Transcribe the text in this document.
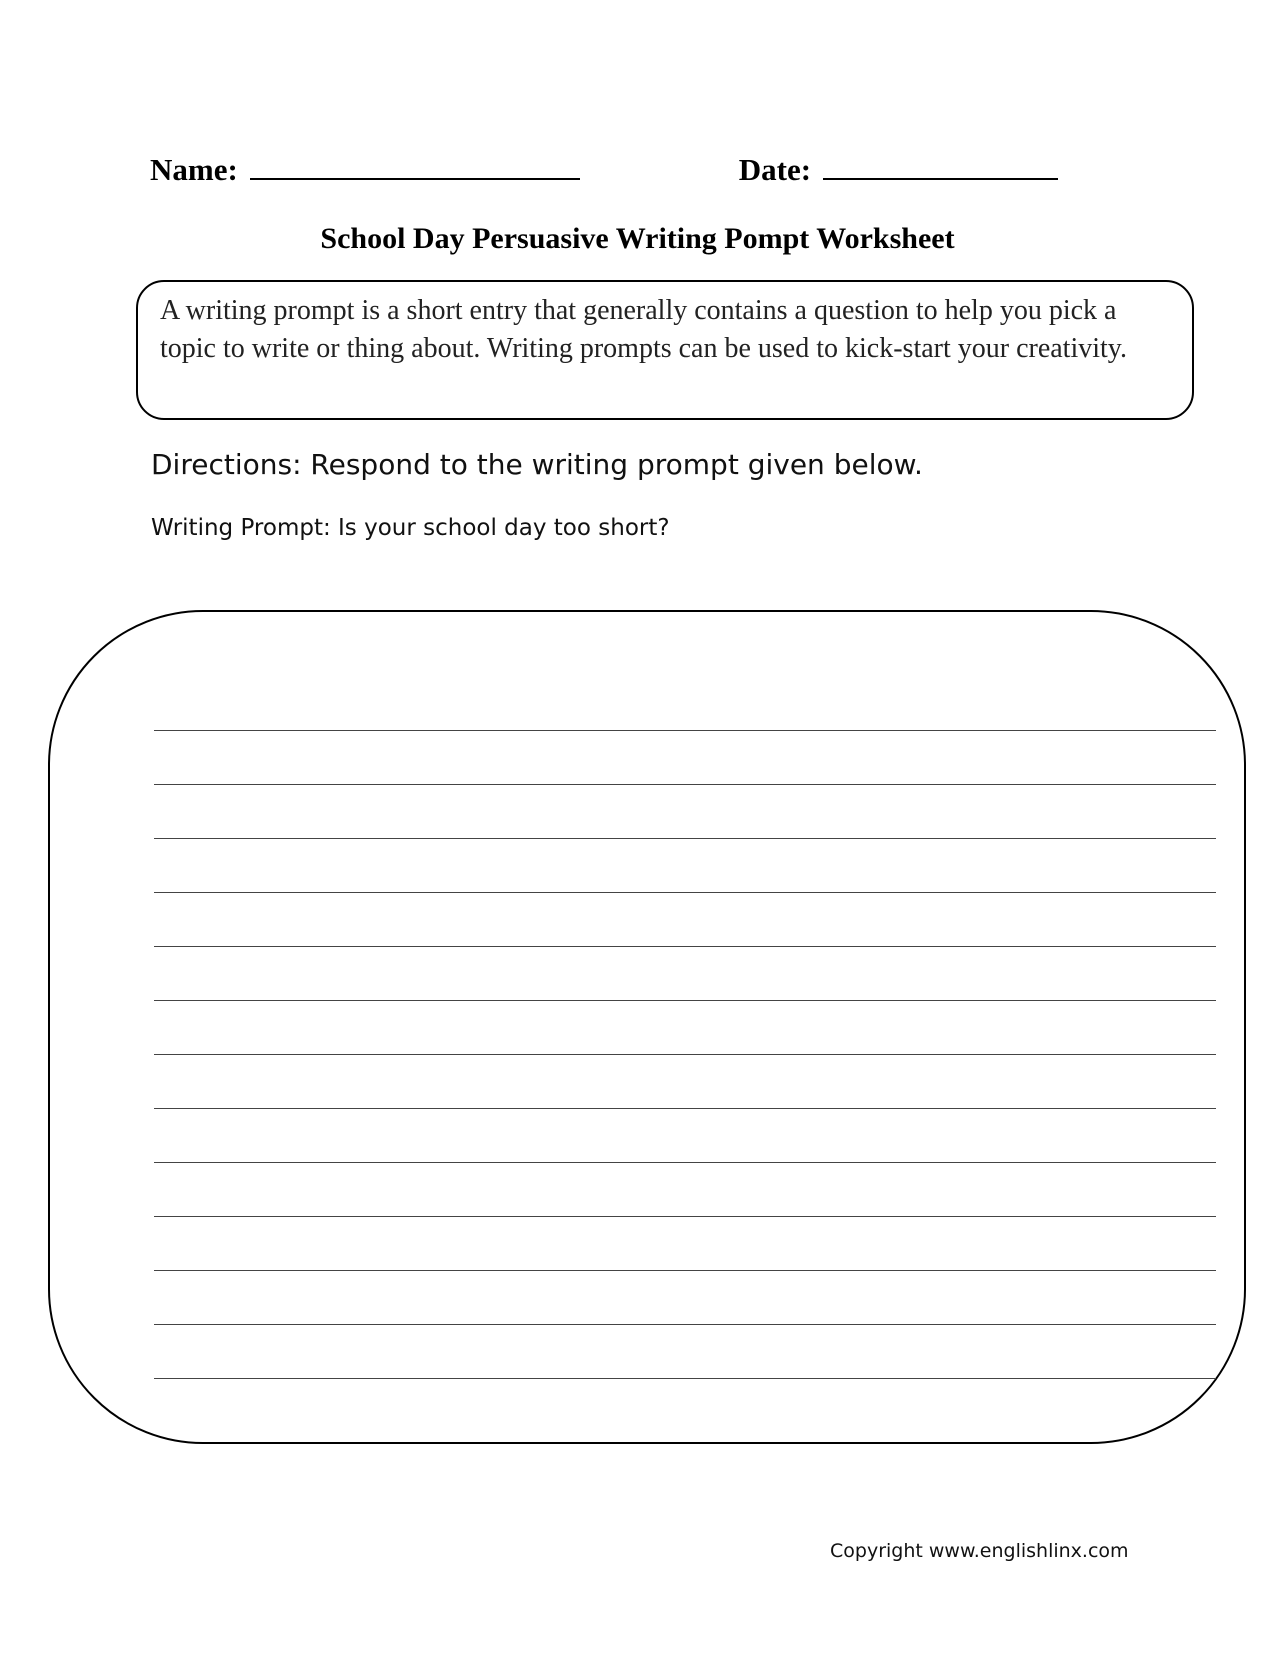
Name:	Date:
School Day Persuasive Writing Pompt Worksheet
A writing prompt is a short entry that generally contains a question to help you pick a topic to write or thing about. Writing prompts can be used to kick-start your creativity.
Directions: Respond to the writing prompt given below.
Writing Prompt: Is your school day too short?
Copyright www.englishlinx.com
